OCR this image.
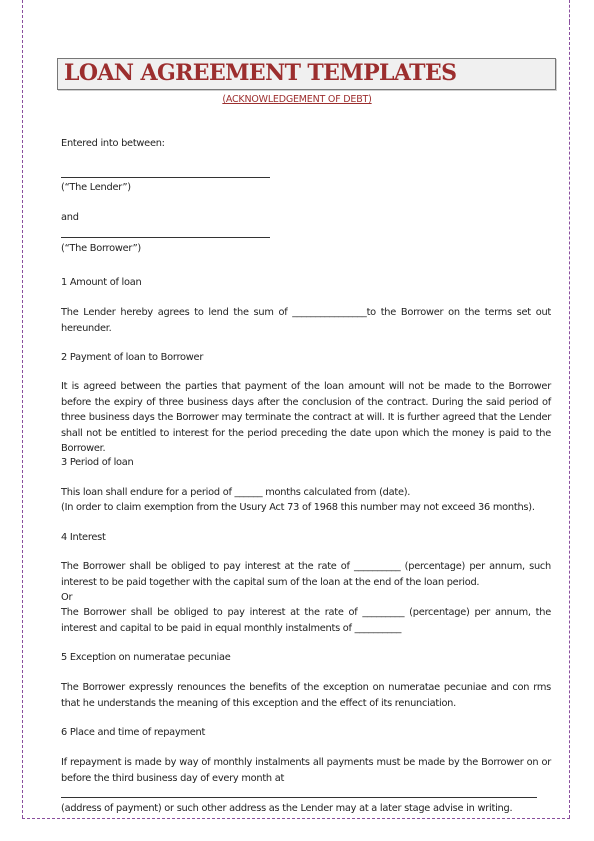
LOAN AGREEMENT TEMPLATES
(ACKNOWLEDGEMENT OF DEBT)
Entered into between:
(“The Lender”)
and
(“The Borrower”)
1 Amount of loan
The Lender hereby agrees to lend the sum of ________________to the Borrower on the terms set out hereunder.
2 Payment of loan to Borrower
It is agreed between the parties that payment of the loan amount will not be made to the Borrower before the expiry of three business days after the conclusion of the contract. During the said period of three business days the Borrower may terminate the contract at will. It is further agreed that the Lender shall not be entitled to interest for the period preceding the date upon which the money is paid to the Borrower.
3 Period of loan
This loan shall endure for a period of ______ months calculated from (date).
(In order to claim exemption from the Usury Act 73 of 1968 this number may not exceed 36 months).
4 Interest
The Borrower shall be obliged to pay interest at the rate of __________ (percentage) per annum, such interest to be paid together with the capital sum of the loan at the end of the loan period.
Or
The Borrower shall be obliged to pay interest at the rate of _________ (percentage) per annum, the interest and capital to be paid in equal monthly instalments of __________
5 Exception on numeratae pecuniae
The Borrower expressly renounces the benefits of the exception on numeratae pecuniae and con rms that he understands the meaning of this exception and the effect of its renunciation.
6 Place and time of repayment
If repayment is made by way of monthly instalments all payments must be made by the Borrower on or before the third business day of every month at
(address of payment) or such other address as the Lender may at a later stage advise in writing.
